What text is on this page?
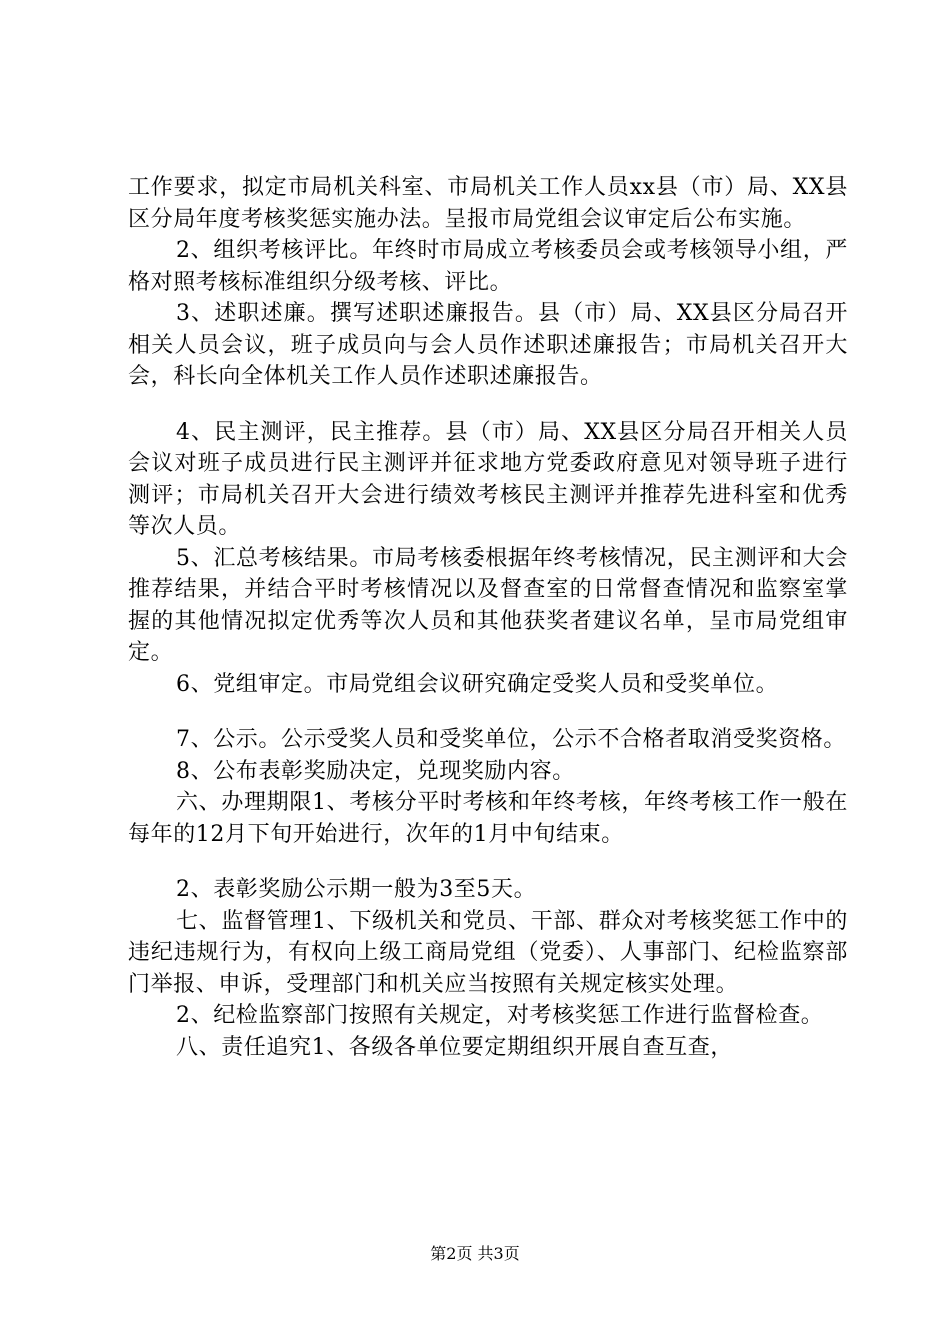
工作要求，拟定市局机关科室、市局机关工作人员xx县（市）局、XX县区分局年度考核奖惩实施办法。呈报市局党组会议审定后公布实施。

2、组织考核评比。年终时市局成立考核委员会或考核领导小组，严格对照考核标准组织分级考核、评比。

3、述职述廉。撰写述职述廉报告。县（市）局、XX县区分局召开相关人员会议，班子成员向与会人员作述职述廉报告；市局机关召开大会，科长向全体机关工作人员作述职述廉报告。

4、民主测评，民主推荐。县（市）局、XX县区分局召开相关人员会议对班子成员进行民主测评并征求地方党委政府意见对领导班子进行测评；市局机关召开大会进行绩效考核民主测评并推荐先进科室和优秀等次人员。

5、汇总考核结果。市局考核委根据年终考核情况，民主测评和大会推荐结果，并结合平时考核情况以及督查室的日常督查情况和监察室掌握的其他情况拟定优秀等次人员和其他获奖者建议名单，呈市局党组审定。

6、党组审定。市局党组会议研究确定受奖人员和受奖单位。

7、公示。公示受奖人员和受奖单位，公示不合格者取消受奖资格。

8、公布表彰奖励决定，兑现奖励内容。

六、办理期限1、考核分平时考核和年终考核，年终考核工作一般在每年的12月下旬开始进行，次年的1月中旬结束。

2、表彰奖励公示期一般为3至5天。

七、监督管理1、下级机关和党员、干部、群众对考核奖惩工作中的违纪违规行为，有权向上级工商局党组（党委）、人事部门、纪检监察部门举报、申诉，受理部门和机关应当按照有关规定核实处理。

2、纪检监察部门按照有关规定，对考核奖惩工作进行监督检查。

八、责任追究1、各级各单位要定期组织开展自查互查，

第2页 共3页
